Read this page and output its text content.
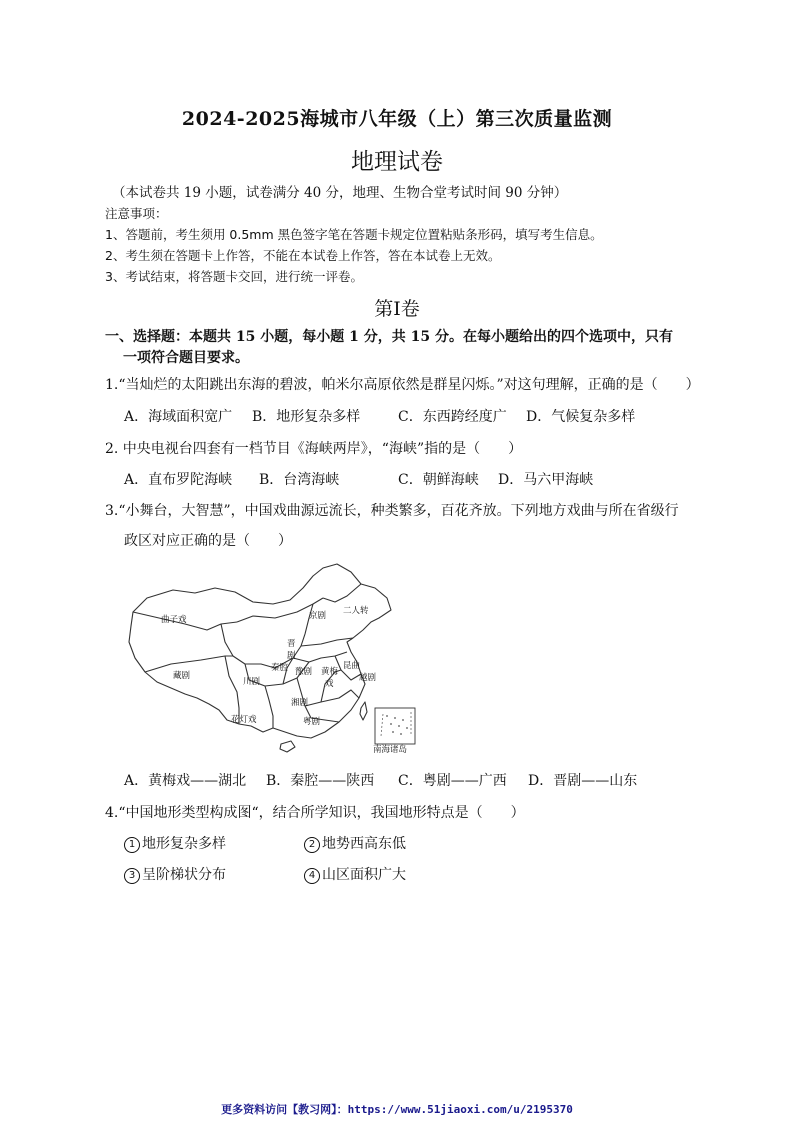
2024-2025海城市八年级（上）第三次质量监测
地理试卷
（本试卷共 19 小题，试卷满分 40 分，地理、生物合堂考试时间 90 分钟）
注意事项：
1、答题前，考生须用 0.5mm 黑色签字笔在答题卡规定位置粘贴条形码，填写考生信息。
2、考生须在答题卡上作答，不能在本试卷上作答，答在本试卷上无效。
3、考试结束，将答题卡交回，进行统一评卷。
第Ⅰ卷
一、选择题：本题共 15 小题，每小题 1 分，共 15 分。在每小题给出的四个选项中，只有
一项符合题目要求。
1.“当灿烂的太阳跳出东海的碧波，帕米尔高原依然是群星闪烁。”对这句理解，正确的是（　　）
A．海域面积宽广 B．地形复杂多样	C．东西跨经度广 D．气候复杂多样
2. 中央电视台四套有一档节目《海峡两岸》，“海峡”指的是（　　）
A．直布罗陀海峡 B．台湾海峡	C．朝鲜海峡 D．马六甲海峡
3.“小舞台，大智慧”，中国戏曲源远流长，种类繁多，百花齐放。下列地方戏曲与所在省级行
政区对应正确的是（　　）
曲子戏	京剧 二人转
晋
剧
秦腔 豫剧 黄梅
戏
昆曲
藏剧
川剧	越剧
湘剧
花灯戏	粤剧
南海诸岛
A．黄梅戏——湖北 B．秦腔——陕西 C．粤剧——广西 D．晋剧——山东
4.“中国地形类型构成图“，结合所学知识，我国地形特点是（　　）
1 地形复杂多样	2 地势西高东低
3 呈阶梯状分布	4 山区面积广大
更多资料访问【教习网】：https://www.51jiaoxi.com/u/2195370
